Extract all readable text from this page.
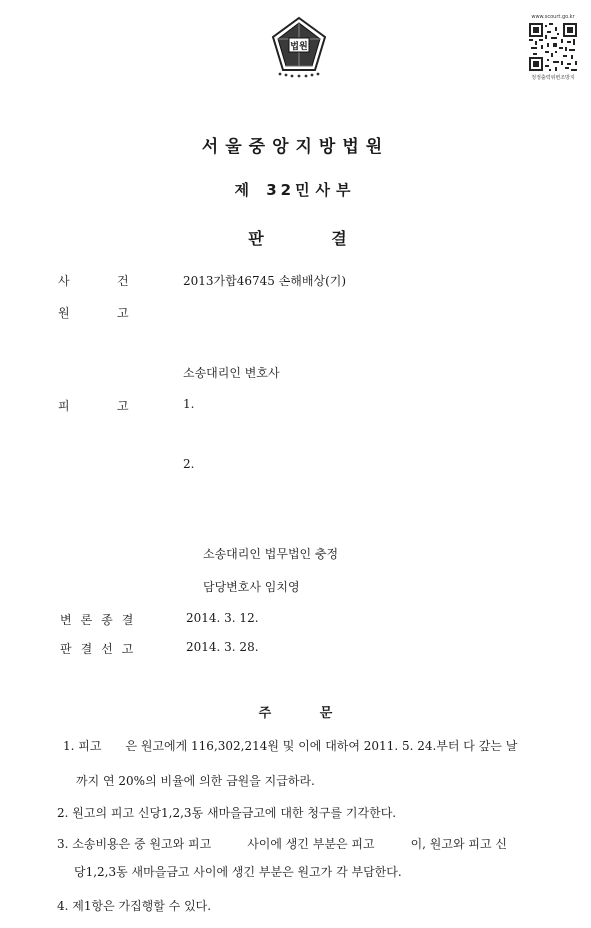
법원
www.scourt.go.kr
정정출력위변조방지
서울중앙지방법원
제 32민사부
판 결
사	건	2013가합46745 손해배상(기)
원	고
소송대리인 변호사
피	고	1.
2.
소송대리인 법무법인 충정
담당변호사 임치영
변론종결	2014. 3. 12.
판결선고	2014. 3. 28.
주 문
1. 피고　　은 원고에게 116,302,214원 및 이에 대하여 2011. 5. 24.부터 다 갚는 날
까지 연 20%의 비율에 의한 금원을 지급하라.
2. 원고의 피고 신당1,2,3동 새마을금고에 대한 청구를 기각한다.
3. 소송비용은 중 원고와 피고　　　사이에 생긴 부분은 피고　　　이, 원고와 피고 신
당1,2,3동 새마을금고 사이에 생긴 부분은 원고가 각 부담한다.
4. 제1항은 가집행할 수 있다.
